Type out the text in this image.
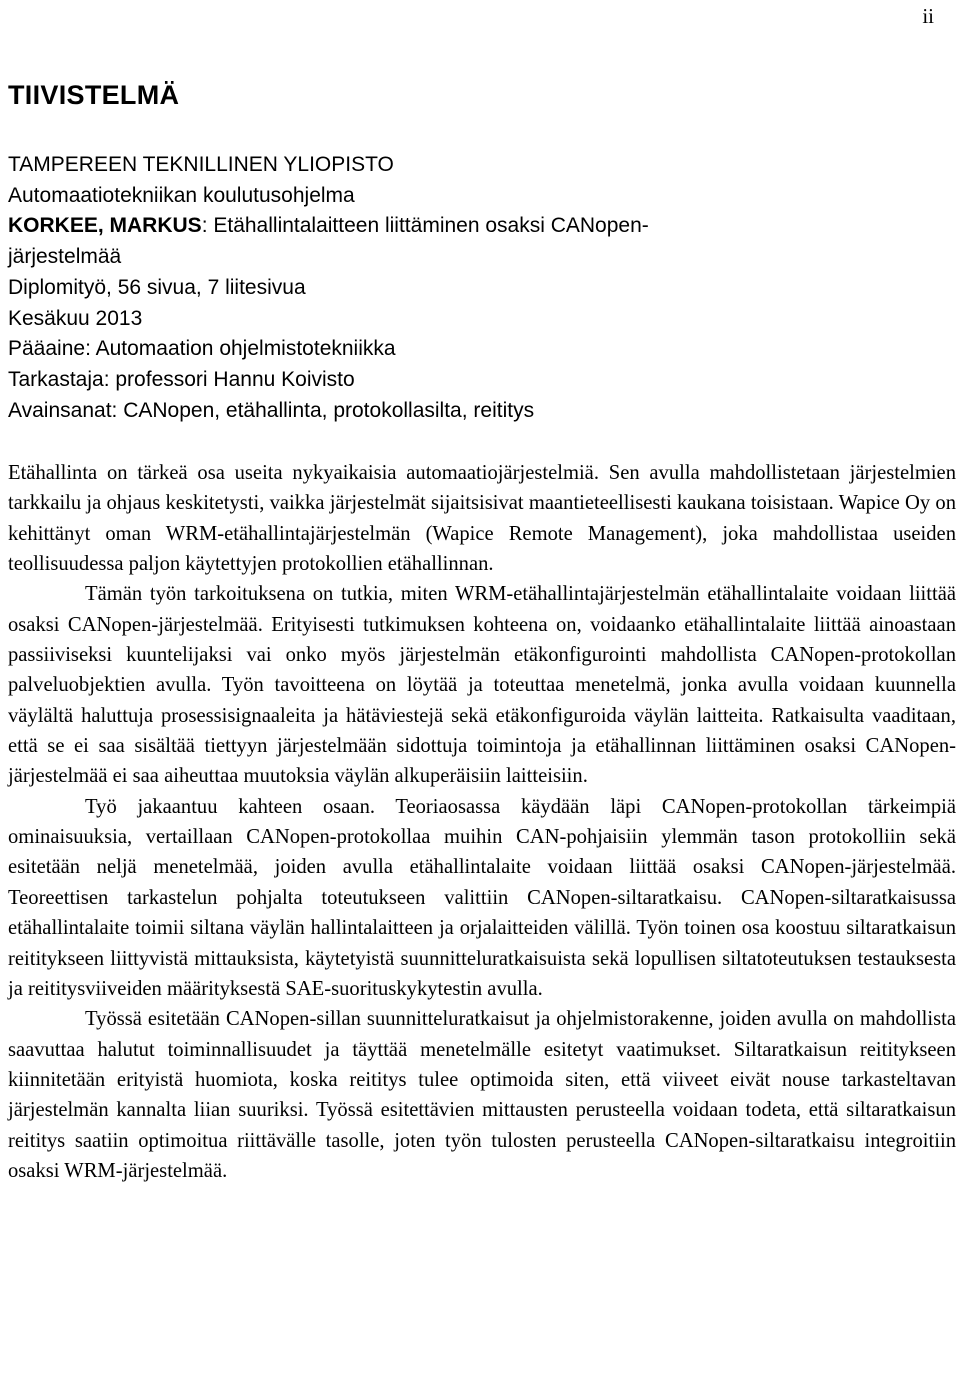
ii
TIIVISTELMÄ
TAMPEREEN TEKNILLINEN YLIOPISTO
Automaatiotekniikan koulutusohjelma
KORKEE, MARKUS: Etähallintalaitteen liittäminen osaksi CANopen-
järjestelmää
Diplomityö, 56 sivua, 7 liitesivua
Kesäkuu 2013
Pääaine: Automaation ohjelmistotekniikka
Tarkastaja: professori Hannu Koivisto
Avainsanat: CANopen, etähallinta, protokollasilta, reititys

Etähallinta on tärkeä osa useita nykyaikaisia automaatiojärjestelmiä. Sen avulla mahdollistetaan järjestelmien tarkkailu ja ohjaus keskitetysti, vaikka järjestelmät sijaitsisivat maantieteellisesti kaukana toisistaan. Wapice Oy on kehittänyt oman WRM-etähallintajärjestelmän (Wapice Remote Management), joka mahdollistaa useiden teollisuudessa paljon käytettyjen protokollien etähallinnan.

Tämän työn tarkoituksena on tutkia, miten WRM-etähallintajärjestelmän etähallintalaite voidaan liittää osaksi CANopen-järjestelmää. Erityisesti tutkimuksen kohteena on, voidaanko etähallintalaite liittää ainoastaan passiiviseksi kuuntelijaksi vai onko myös järjestelmän etäkonfigurointi mahdollista CANopen-protokollan palveluobjektien avulla. Työn tavoitteena on löytää ja toteuttaa menetelmä, jonka avulla voidaan kuunnella väylältä haluttuja prosessisignaaleita ja hätäviestejä sekä etäkonfiguroida väylän laitteita. Ratkaisulta vaaditaan, että se ei saa sisältää tiettyyn järjestelmään sidottuja toimintoja ja etähallinnan liittäminen osaksi CANopen-järjestelmää ei saa aiheuttaa muutoksia väylän alkuperäisiin laitteisiin.

Työ jakaantuu kahteen osaan. Teoriaosassa käydään läpi CANopen-protokollan tärkeimpiä ominaisuuksia, vertaillaan CANopen-protokollaa muihin CAN-pohjaisiin ylemmän tason protokolliin sekä esitetään neljä menetelmää, joiden avulla etähallintalaite voidaan liittää osaksi CANopen-järjestelmää. Teoreettisen tarkastelun pohjalta toteutukseen valittiin CANopen-siltaratkaisu. CANopen-siltaratkaisussa etähallintalaite toimii siltana väylän hallintalaitteen ja orjalaitteiden välillä. Työn toinen osa koostuu siltaratkaisun reititykseen liittyvistä mittauksista, käytetyistä suunnitteluratkaisuista sekä lopullisen siltatoteutuksen testauksesta ja reititysviiveiden määrityksestä SAE-suorituskykytestin avulla.

Työssä esitetään CANopen-sillan suunnitteluratkaisut ja ohjelmistorakenne, joiden avulla on mahdollista saavuttaa halutut toiminnallisuudet ja täyttää menetelmälle esitetyt vaatimukset. Siltaratkaisun reititykseen kiinnitetään erityistä huomiota, koska reititys tulee optimoida siten, että viiveet eivät nouse tarkasteltavan järjestelmän kannalta liian suuriksi. Työssä esitettävien mittausten perusteella voidaan todeta, että siltaratkaisun reititys saatiin optimoitua riittävälle tasolle, joten työn tulosten perusteella CANopen-siltaratkaisu integroitiin osaksi WRM-järjestelmää.
